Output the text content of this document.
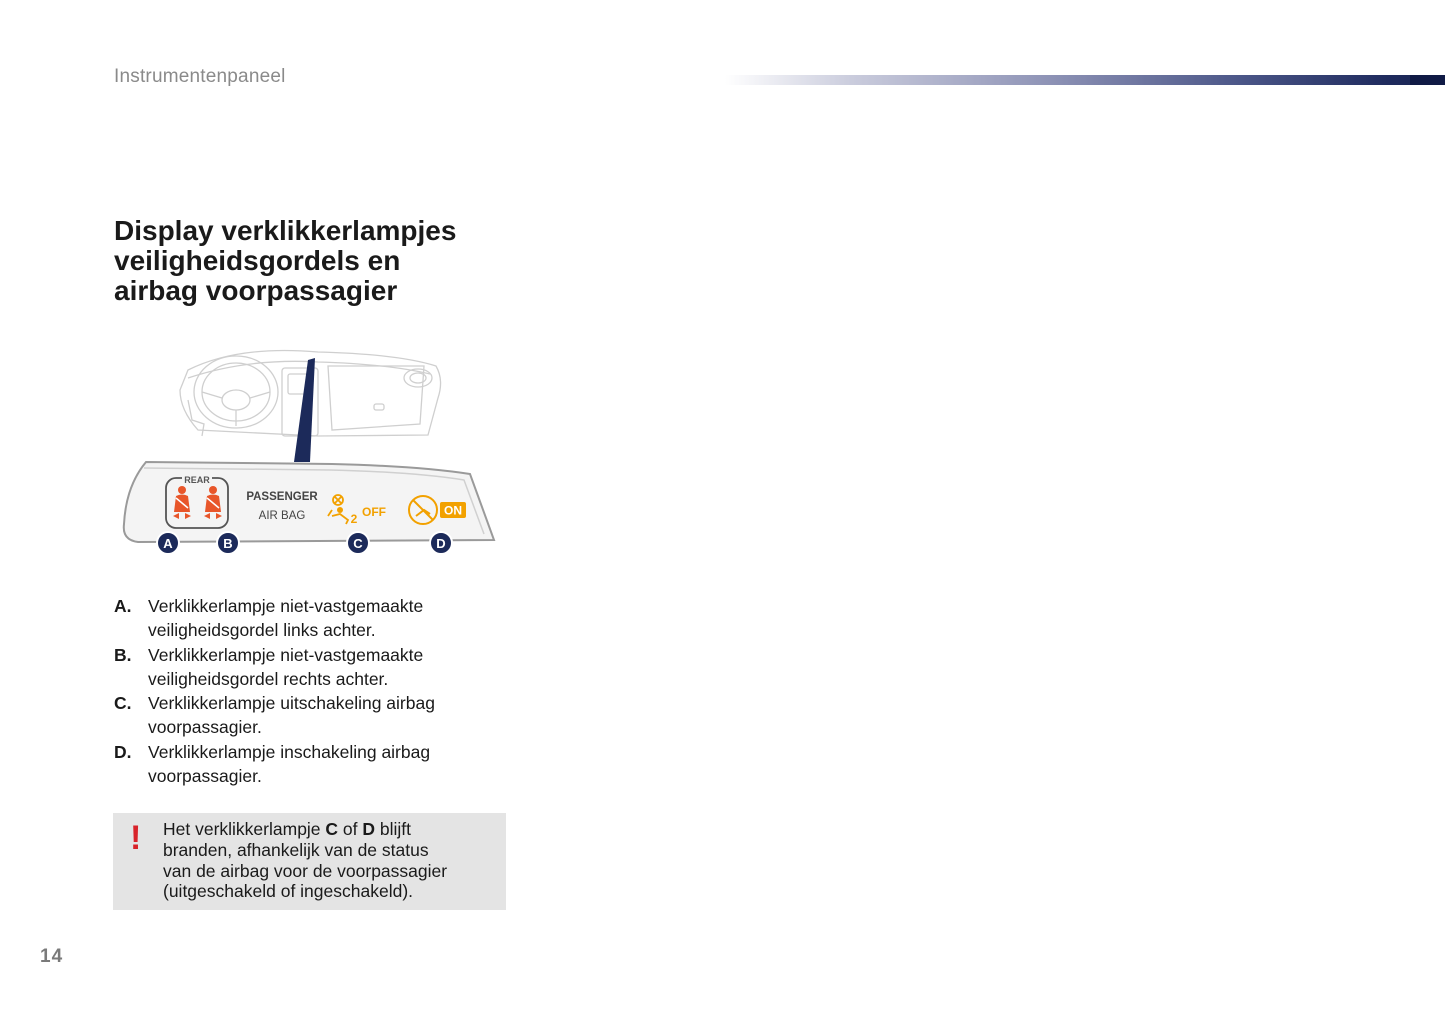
Instrumentenpaneel
Display verklikkerlampjes
veiligheidsgordels en
airbag voorpassagier
REAR
PASSENGER
AIR BAG	2 OFF	ON
A	B	C	D
A. Verklikkerlampje niet-vastgemaakte
veiligheidsgordel links achter.
B. Verklikkerlampje niet-vastgemaakte
veiligheidsgordel rechts achter.
C. Verklikkerlampje uitschakeling airbag
voorpassagier.
D. Verklikkerlampje inschakeling airbag
voorpassagier.
! Het verklikkerlampje C of D blijft
branden, afhankelijk van de status
van de airbag voor de voorpassagier
(uitgeschakeld of ingeschakeld).
14
